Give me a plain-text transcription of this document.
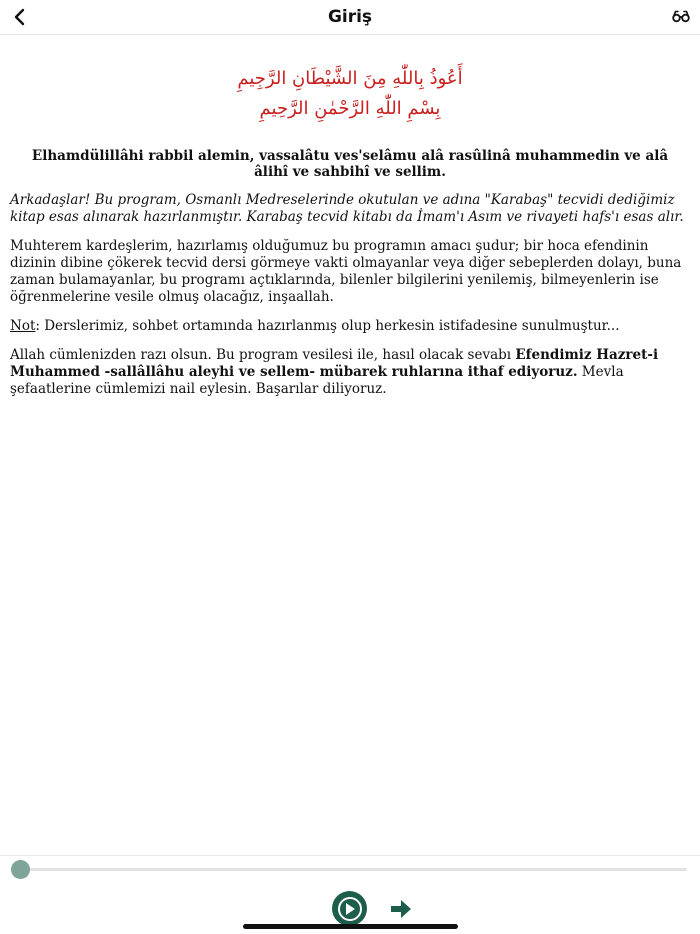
Giriş
أَعُوذُ بِاللّٰهِ مِنَ الشَّيْطَانِ الرَّجِيمِ
بِسْمِ اللّٰهِ الرَّحْمٰنِ الرَّحِيمِ

Elhamdülillâhi rabbil alemin, vassalâtu ves'selâmu alâ rasûlinâ muhammedin ve alâ âlihî ve sahbihî ve sellim.

Arkadaşlar! Bu program, Osmanlı Medreselerinde okutulan ve adına "Karabaş" tecvidi dediğimiz kitap esas alınarak hazırlanmıştır. Karabaş tecvid kitabı da İmam'ı Asım ve rivayeti hafs'ı esas alır.

Muhterem kardeşlerim, hazırlamış olduğumuz bu programın amacı şudur; bir hoca efendinin dizinin dibine çökerek tecvid dersi görmeye vakti olmayanlar veya diğer sebeplerden dolayı, buna zaman bulamayanlar, bu programı açtıklarında, bilenler bilgilerini yenilemiş, bilmeyenlerin ise öğrenmelerine vesile olmuş olacağız, inşaallah.

Not: Derslerimiz, sohbet ortamında hazırlanmış olup herkesin istifadesine sunulmuştur...

Allah cümlenizden razı olsun. Bu program vesilesi ile, hasıl olacak sevabı Efendimiz Hazret-i Muhammed -sallâllâhu aleyhi ve sellem- mübarek ruhlarına ithaf ediyoruz. Mevla şefaatlerine cümlemizi nail eylesin. Başarılar diliyoruz.
